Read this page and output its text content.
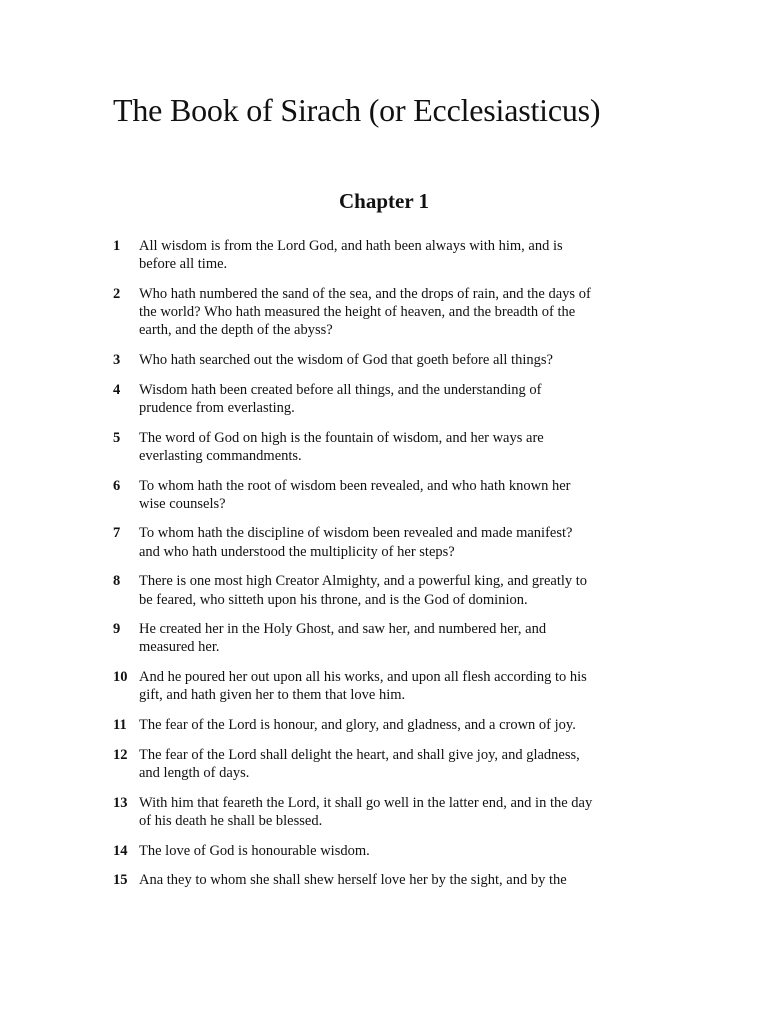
The Book of Sirach (or Ecclesiasticus)
Chapter 1
1	All wisdom is from the Lord God, and hath been always with him, and is before all time.
2	Who hath numbered the sand of the sea, and the drops of rain, and the days of the world? Who hath measured the height of heaven, and the breadth of the earth, and the depth of the abyss?
3	Who hath searched out the wisdom of God that goeth before all things?
4	Wisdom hath been created before all things, and the understanding of prudence from everlasting.
5	The word of God on high is the fountain of wisdom, and her ways are everlasting commandments.
6	To whom hath the root of wisdom been revealed, and who hath known her wise counsels?
7	To whom hath the discipline of wisdom been revealed and made manifest? and who hath understood the multiplicity of her steps?
8	There is one most high Creator Almighty, and a powerful king, and greatly to be feared, who sitteth upon his throne, and is the God of dominion.
9	He created her in the Holy Ghost, and saw her, and numbered her, and measured her.
10 And he poured her out upon all his works, and upon all flesh according to his gift, and hath given her to them that love him.
11 The fear of the Lord is honour, and glory, and gladness, and a crown of joy.
12 The fear of the Lord shall delight the heart, and shall give joy, and gladness, and length of days.
13 With him that feareth the Lord, it shall go well in the latter end, and in the day of his death he shall be blessed.
14 The love of God is honourable wisdom.
15 Ana they to whom she shall shew herself love her by the sight, and by the
